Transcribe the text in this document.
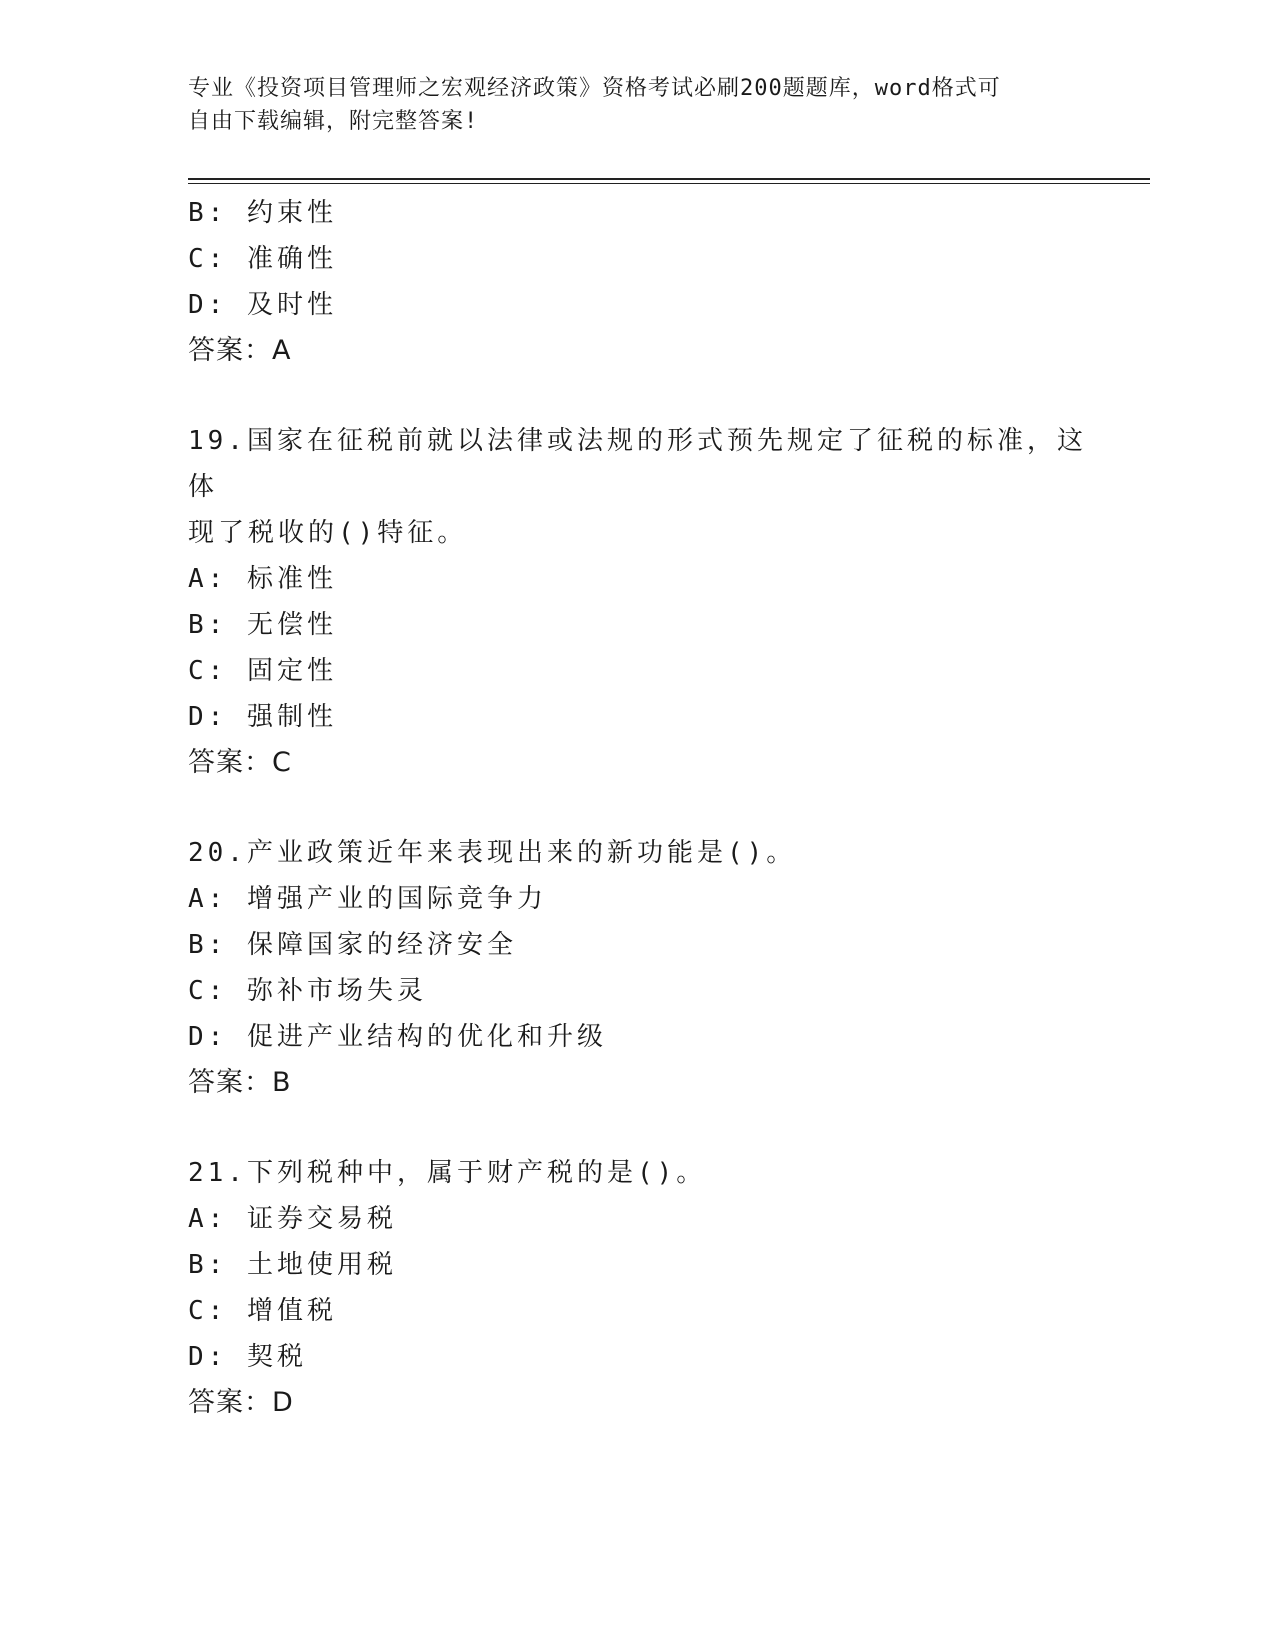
专业《投资项目管理师之宏观经济政策》资格考试必刷200题题库，word格式可
自由下载编辑，附完整答案!
B: 约束性
C: 准确性
D: 及时性
答案：A
19.国家在征税前就以法律或法规的形式预先规定了征税的标准，这体
现了税收的()特征。
A: 标准性
B: 无偿性
C: 固定性
D: 强制性
答案：C
20.产业政策近年来表现出来的新功能是()。
A: 增强产业的国际竞争力
B: 保障国家的经济安全
C: 弥补市场失灵
D: 促进产业结构的优化和升级
答案：B
21.下列税种中，属于财产税的是()。
A: 证券交易税
B: 土地使用税
C: 增值税
D: 契税
答案：D
